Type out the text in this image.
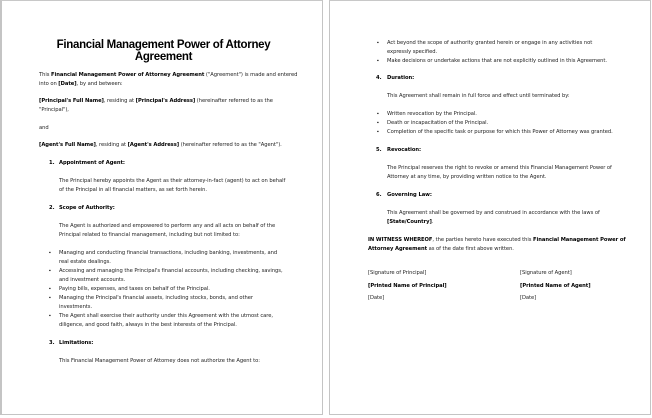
Financial Management Power of Attorney
Agreement
This Financial Management Power of Attorney Agreement ("Agreement") is made and entered
into on [Date], by and between:
[Principal's Full Name], residing at [Principal's Address] (hereinafter referred to as the
"Principal"),
and
[Agent's Full Name], residing at [Agent's Address] (hereinafter referred to as the "Agent").
1. Appointment of Agent:
The Principal hereby appoints the Agent as their attorney-in-fact (agent) to act on behalf
of the Principal in all financial matters, as set forth herein.
2. Scope of Authority:
The Agent is authorized and empowered to perform any and all acts on behalf of the
Principal related to financial management, including but not limited to:
▪ Managing and conducting financial transactions, including banking, investments, and
real estate dealings.
▪ Accessing and managing the Principal's financial accounts, including checking, savings,
and investment accounts.
▪ Paying bills, expenses, and taxes on behalf of the Principal.
▪ Managing the Principal's financial assets, including stocks, bonds, and other
investments.
▪ The Agent shall exercise their authority under this Agreement with the utmost care,
diligence, and good faith, always in the best interests of the Principal.
3. Limitations:
This Financial Management Power of Attorney does not authorize the Agent to:
▪ Act beyond the scope of authority granted herein or engage in any activities not
expressly specified.
▪ Make decisions or undertake actions that are not explicitly outlined in this Agreement.
4. Duration:
This Agreement shall remain in full force and effect until terminated by:
▪ Written revocation by the Principal.
▪ Death or incapacitation of the Principal.
▪ Completion of the specific task or purpose for which this Power of Attorney was granted.
5. Revocation:
The Principal reserves the right to revoke or amend this Financial Management Power of
Attorney at any time, by providing written notice to the Agent.
6. Governing Law:
This Agreement shall be governed by and construed in accordance with the laws of
[State/Country].
IN WITNESS WHEREOF, the parties hereto have executed this Financial Management Power of
Attorney Agreement as of the date first above written.
[Signature of Principal]
[Printed Name of Principal]
[Date]
[Signature of Agent]
[Printed Name of Agent]
[Date]
